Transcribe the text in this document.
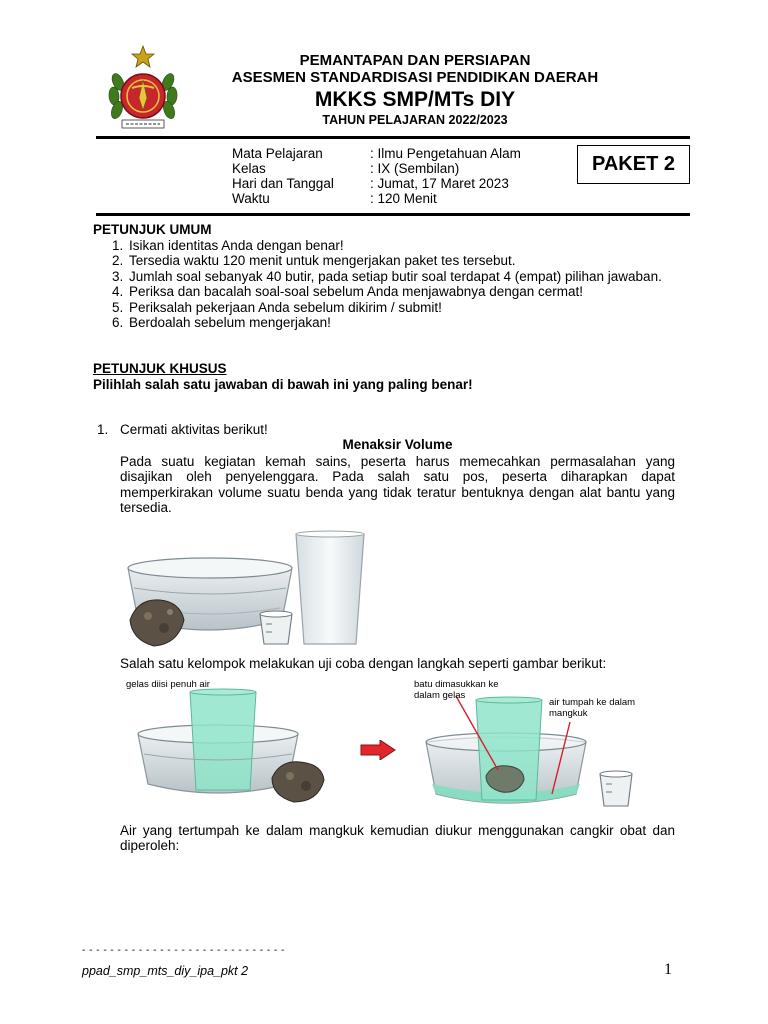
PEMANTAPAN DAN PERSIAPAN
ASESMEN STANDARDISASI PENDIDIKAN DAERAH
MKKS SMP/MTs DIY
TAHUN PELAJARAN 2022/2023
Mata Pelajaran	: Ilmu Pengetahuan Alam
Kelas	: IX (Sembilan)
Hari dan Tanggal	: Jumat, 17 Maret 2023
Waktu	: 120 Menit
PAKET 2
PETUNJUK UMUM
1. Isikan identitas Anda dengan benar!
2. Tersedia waktu 120 menit untuk mengerjakan paket tes tersebut.
3. Jumlah soal sebanyak 40 butir, pada setiap butir soal terdapat 4 (empat) pilihan jawaban.
4. Periksa dan bacalah soal-soal sebelum Anda menjawabnya dengan cermat!
5. Periksalah pekerjaan Anda sebelum dikirim / submit!
6. Berdoalah sebelum mengerjakan!
PETUNJUK KHUSUS
Pilihlah salah satu jawaban di bawah ini yang paling benar!
1. Cermati aktivitas berikut!
Menaksir Volume
Pada suatu kegiatan kemah sains, peserta harus memecahkan permasalahan yang disajikan oleh penyelenggara. Pada salah satu pos, peserta diharapkan dapat memperkirakan volume suatu benda yang tidak teratur bentuknya dengan alat bantu yang tersedia.
Salah satu kelompok melakukan uji coba dengan langkah seperti gambar berikut:
gelas diisi penuh air	batu dimasukkan ke dalam gelas
air tumpah ke dalam mangkuk
Air yang tertumpah ke dalam mangkuk kemudian diukur menggunakan cangkir obat dan diperoleh:
- - - - - - - - - - - - - - - - - - - - - - - - - - - - -
ppad_smp_mts_diy_ipa_pkt 2	1
